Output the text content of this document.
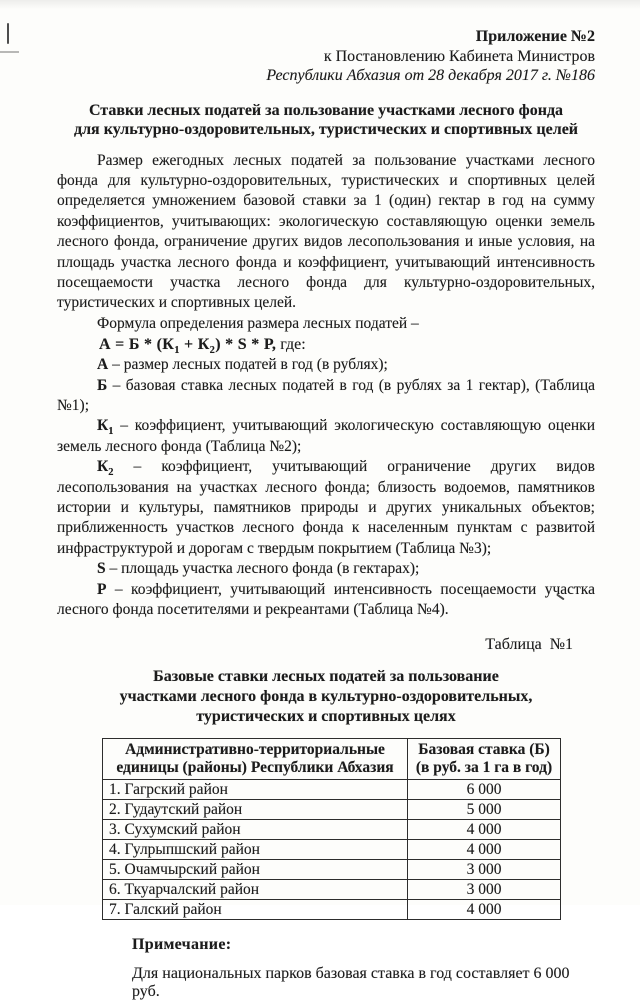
Приложение №2
к Постановлению Кабинета Министров
Республики Абхазия от 28 декабря 2017 г. №186
Ставки лесных податей за пользование участками лесного фонда
для культурно-оздоровительных, туристических и спортивных целей

Размер ежегодных лесных податей за пользование участками лесного фонда для культурно-оздоровительных, туристических и спортивных целей определяется умножением базовой ставки за 1 (один) гектар в год на сумму коэффициентов, учитывающих: экологическую составляющую оценки земель лесного фонда, ограничение других видов лесопользования и иные условия, на площадь участка лесного фонда и коэффициент, учитывающий интенсивность посещаемости участка лесного фонда для культурно-оздоровительных, туристических и спортивных целей.

Формула определения размера лесных податей –

$А = Б * (К_1 + К_2) * S * Р$, где:

А – размер лесных податей в год (в рублях);

Б – базовая ставка лесных податей в год (в рублях за 1 гектар), (Таблица №1);

$К_1$ – коэффициент, учитывающий экологическую составляющую оценки земель лесного фонда (Таблица №2);

$К_2$ – коэффициент, учитывающий ограничение других видов лесопользования на участках лесного фонда; близость водоемов, памятников истории и культуры, памятников природы и других уникальных объектов; приближенность участков лесного фонда к населенным пунктам с развитой инфраструктурой и дорогам с твердым покрытием (Таблица №3);

S – площадь участка лесного фонда (в гектарах);

Р – коэффициент, учитывающий интенсивность посещаемости участка лесного фонда посетителями и рекреантами (Таблица №4).

Таблица  №1
Базовые ставки лесных податей за пользование
участками лесного фонда в культурно-оздоровительных,
туристических и спортивных целях
Административно-территориальные
единицы (районы) Республики Абхазия

Базовая ставка (Б)
(в руб. за 1 га в год)

1. Гагрский район	6 000
2. Гудаутский район	5 000
3. Сухумский район	4 000
4. Гулрыпшский район	4 000
5. Очамчырский район	3 000
6. Ткуарчалский район	3 000
7. Галский район	4 000
Примечание:
Для национальных парков базовая ставка в год составляет 6 000 руб.
